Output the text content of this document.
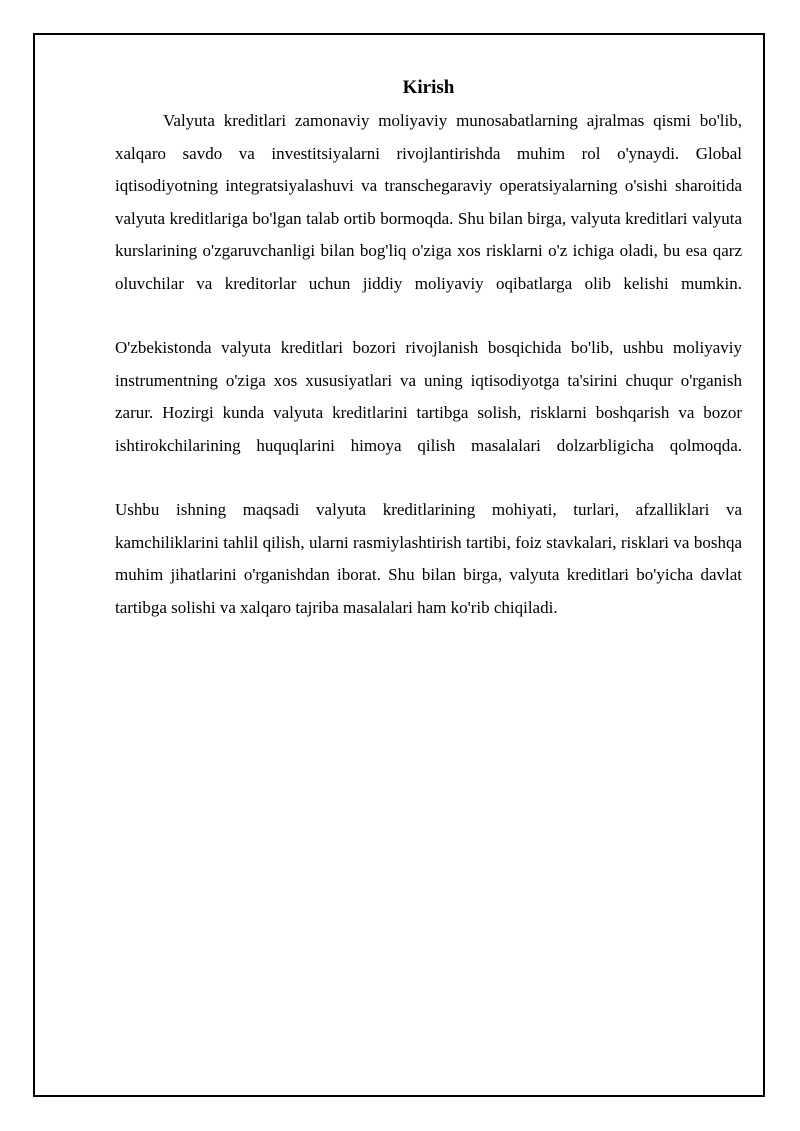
Kirish

Valyuta kreditlari zamonaviy moliyaviy munosabatlarning ajralmas qismi bo'lib, xalqaro savdo va investitsiyalarni rivojlantirishda muhim rol o'ynaydi. Global iqtisodiyotning integratsiyalashuvi va transchegaraviy operatsiyalarning o'sishi sharoitida valyuta kreditlariga bo'lgan talab ortib bormoqda. Shu bilan birga, valyuta kreditlari valyuta kurslarining o'zgaruvchanligi bilan bog'liq o'ziga xos risklarni o'z ichiga oladi, bu esa qarz oluvchilar va kreditorlar uchun jiddiy moliyaviy oqibatlarga olib kelishi mumkin.

O'zbekistonda valyuta kreditlari bozori rivojlanish bosqichida bo'lib, ushbu moliyaviy instrumentning o'ziga xos xususiyatlari va uning iqtisodiyotga ta'sirini chuqur o'rganish zarur. Hozirgi kunda valyuta kreditlarini tartibga solish, risklarni boshqarish va bozor ishtirokchilarining huquqlarini himoya qilish masalalari dolzarbligicha qolmoqda.

Ushbu ishning maqsadi valyuta kreditlarining mohiyati, turlari, afzalliklari va kamchiliklarini tahlil qilish, ularni rasmiylashtirish tartibi, foiz stavkalari, risklari va boshqa muhim jihatlarini o'rganishdan iborat. Shu bilan birga, valyuta kreditlari bo'yicha davlat tartibga solishi va xalqaro tajriba masalalari ham ko'rib chiqiladi.
